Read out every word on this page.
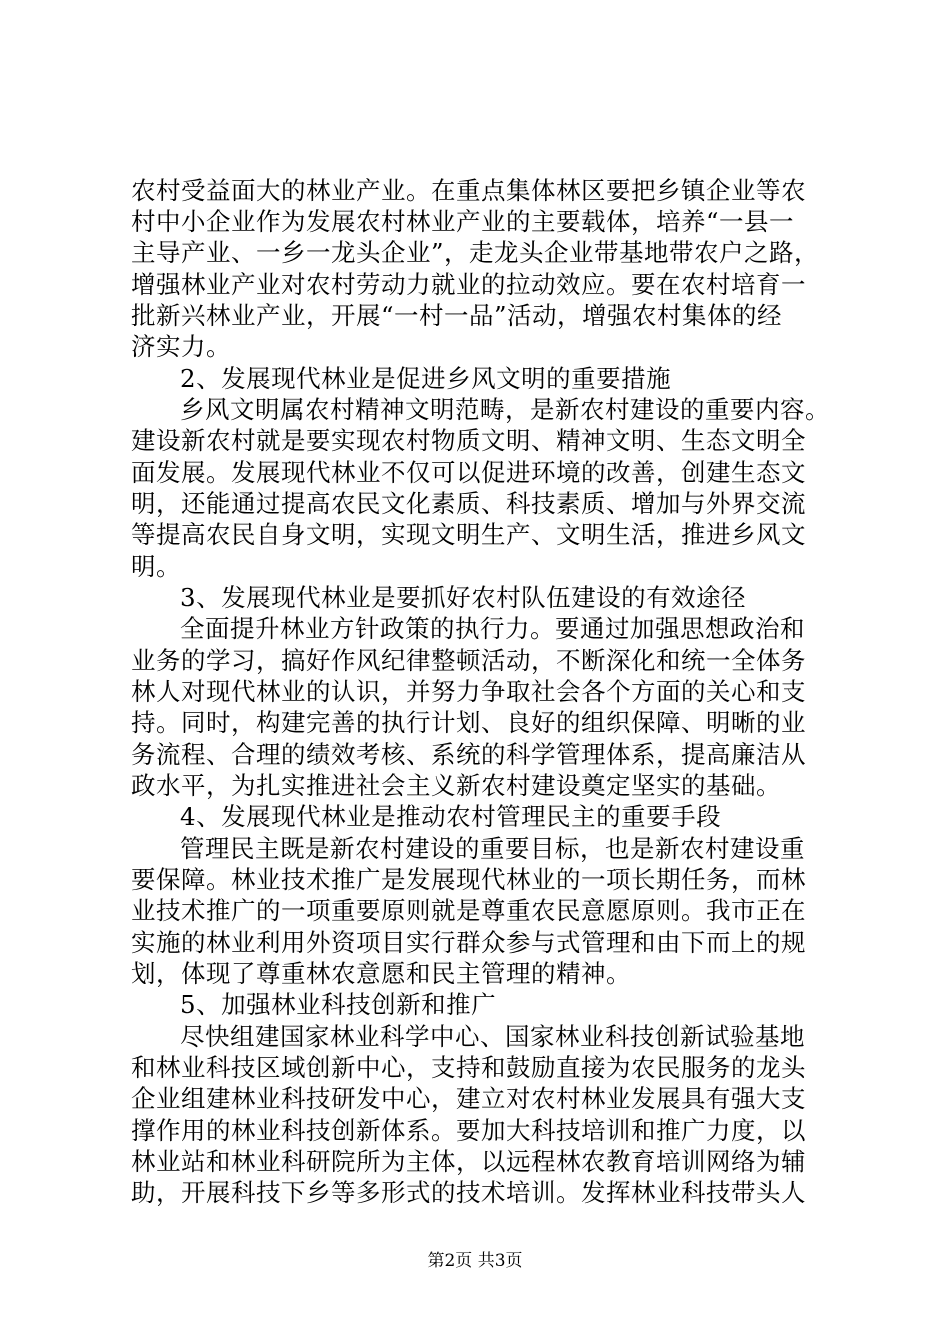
农村受益面大的林业产业。在重点集体林区要把乡镇企业等农
村中小企业作为发展农村林业产业的主要载体，培养“一县一
主导产业、一乡一龙头企业”，走龙头企业带基地带农户之路，
增强林业产业对农村劳动力就业的拉动效应。要在农村培育一
批新兴林业产业，开展“一村一品”活动，增强农村集体的经
济实力。
2、发展现代林业是促进乡风文明的重要措施
乡风文明属农村精神文明范畴，是新农村建设的重要内容。
建设新农村就是要实现农村物质文明、精神文明、生态文明全
面发展。发展现代林业不仅可以促进环境的改善，创建生态文
明，还能通过提高农民文化素质、科技素质、增加与外界交流
等提高农民自身文明，实现文明生产、文明生活，推进乡风文
明。
3、发展现代林业是要抓好农村队伍建设的有效途径
全面提升林业方针政策的执行力。要通过加强思想政治和
业务的学习，搞好作风纪律整顿活动，不断深化和统一全体务
林人对现代林业的认识，并努力争取社会各个方面的关心和支
持。同时，构建完善的执行计划、良好的组织保障、明晰的业
务流程、合理的绩效考核、系统的科学管理体系，提高廉洁从
政水平，为扎实推进社会主义新农村建设奠定坚实的基础。
4、发展现代林业是推动农村管理民主的重要手段
管理民主既是新农村建设的重要目标，也是新农村建设重
要保障。林业技术推广是发展现代林业的一项长期任务，而林
业技术推广的一项重要原则就是尊重农民意愿原则。我市正在
实施的林业利用外资项目实行群众参与式管理和由下而上的规
划，体现了尊重林农意愿和民主管理的精神。
5、加强林业科技创新和推广
尽快组建国家林业科学中心、国家林业科技创新试验基地
和林业科技区域创新中心，支持和鼓励直接为农民服务的龙头
企业组建林业科技研发中心，建立对农村林业发展具有强大支
撑作用的林业科技创新体系。要加大科技培训和推广力度，以
林业站和林业科研院所为主体，以远程林农教育培训网络为辅
助，开展科技下乡等多形式的技术培训。发挥林业科技带头人
第2页 共3页
